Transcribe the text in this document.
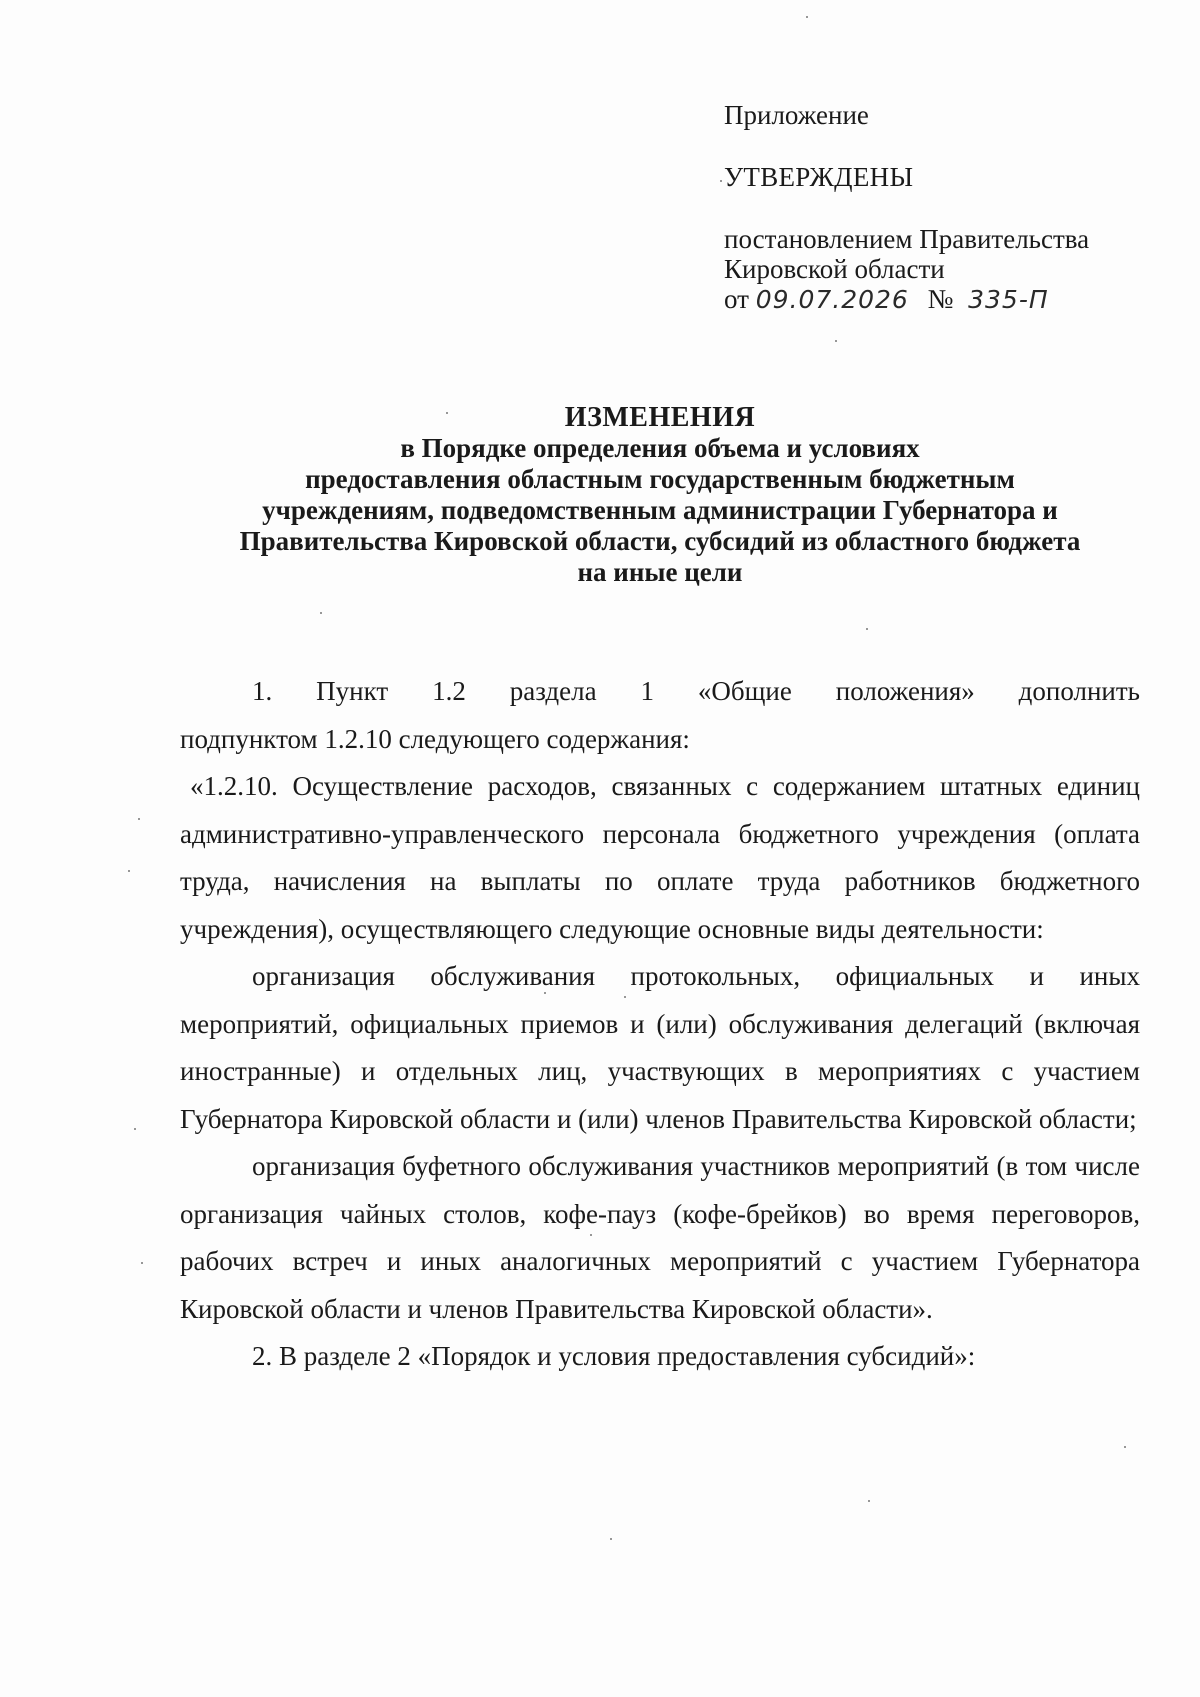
Приложение
УТВЕРЖДЕНЫ
постановлением Правительства
Кировской области
от 09.07.2026 № 335-П
ИЗМЕНЕНИЯ
в Порядке определения объема и условиях
предоставления областным государственным бюджетным
учреждениям, подведомственным администрации Губернатора и
Правительства Кировской области, субсидий из областного бюджета
на иные цели

1. Пункт 1.2 раздела 1 «Общие положения» дополнить

подпунктом 1.2.10 следующего содержания:

«1.2.10. Осуществление расходов, связанных с содержанием штатных единиц административно-управленческого персонала бюджетного учреждения (оплата труда, начисления на выплаты по оплате труда работников бюджетного учреждения), осуществляющего следующие основные виды деятельности:

организация обслуживания протокольных, официальных и иных мероприятий, официальных приемов и (или) обслуживания делегаций (включая иностранные) и отдельных лиц, участвующих в мероприятиях с участием Губернатора Кировской области и (или) членов Правительства Кировской области;

организация буфетного обслуживания участников мероприятий (в том числе организация чайных столов, кофе-пауз (кофе-брейков) во время переговоров, рабочих встреч и иных аналогичных мероприятий с участием Губернатора Кировской области и членов Правительства Кировской области».

2. В разделе 2 «Порядок и условия предоставления субсидий»:
